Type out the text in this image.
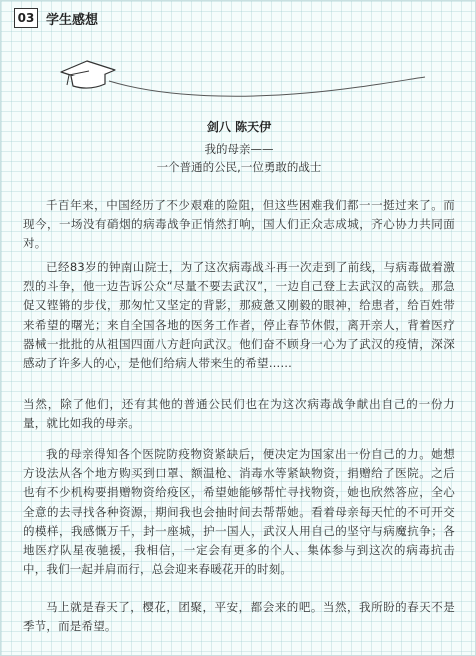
03 学生感想
剑八 陈天伊
我的母亲——
一个普通的公民,一位勇敢的战士

千百年来，中国经历了不少艰难的险阻，但这些困难我们都一一挺过来了。而现今，一场没有硝烟的病毒战争正悄然打响，国人们正众志成城，齐心协力共同面对。

已经83岁的钟南山院士，为了这次病毒战斗再一次走到了前线，与病毒做着激烈的斗争，他一边告诉公众“尽量不要去武汉”，一边自己登上去武汉的高铁。那急促又铿锵的步伐，那匆忙又坚定的背影，那疲惫又刚毅的眼神，给患者，给百姓带来希望的曙光；来自全国各地的医务工作者，停止春节休假，离开亲人，背着医疗器械一批批的从祖国四面八方赶向武汉。他们奋不顾身一心为了武汉的疫情，深深感动了许多人的心，是他们给病人带来生的希望……

当然，除了他们，还有其他的普通公民们也在为这次病毒战争献出自己的一份力量，就比如我的母亲。

我的母亲得知各个医院防疫物资紧缺后，便决定为国家出一份自己的力。她想方设法从各个地方购买到口罩、额温枪、消毒水等紧缺物资，捐赠给了医院。之后也有不少机构要捐赠物资给疫区，希望她能够帮忙寻找物资，她也欣然答应，全心全意的去寻找各种资源，期间我也会抽时间去帮帮她。看着母亲每天忙的不可开交的模样，我感慨万千，封一座城，护一国人，武汉人用自己的坚守与病魔抗争；各地医疗队星夜驰援，我相信，一定会有更多的个人、集体参与到这次的病毒抗击中，我们一起并肩而行，总会迎来春暖花开的时刻。

马上就是春天了，樱花，团聚，平安，都会来的吧。当然，我所盼的春天不是季节，而是希望。
